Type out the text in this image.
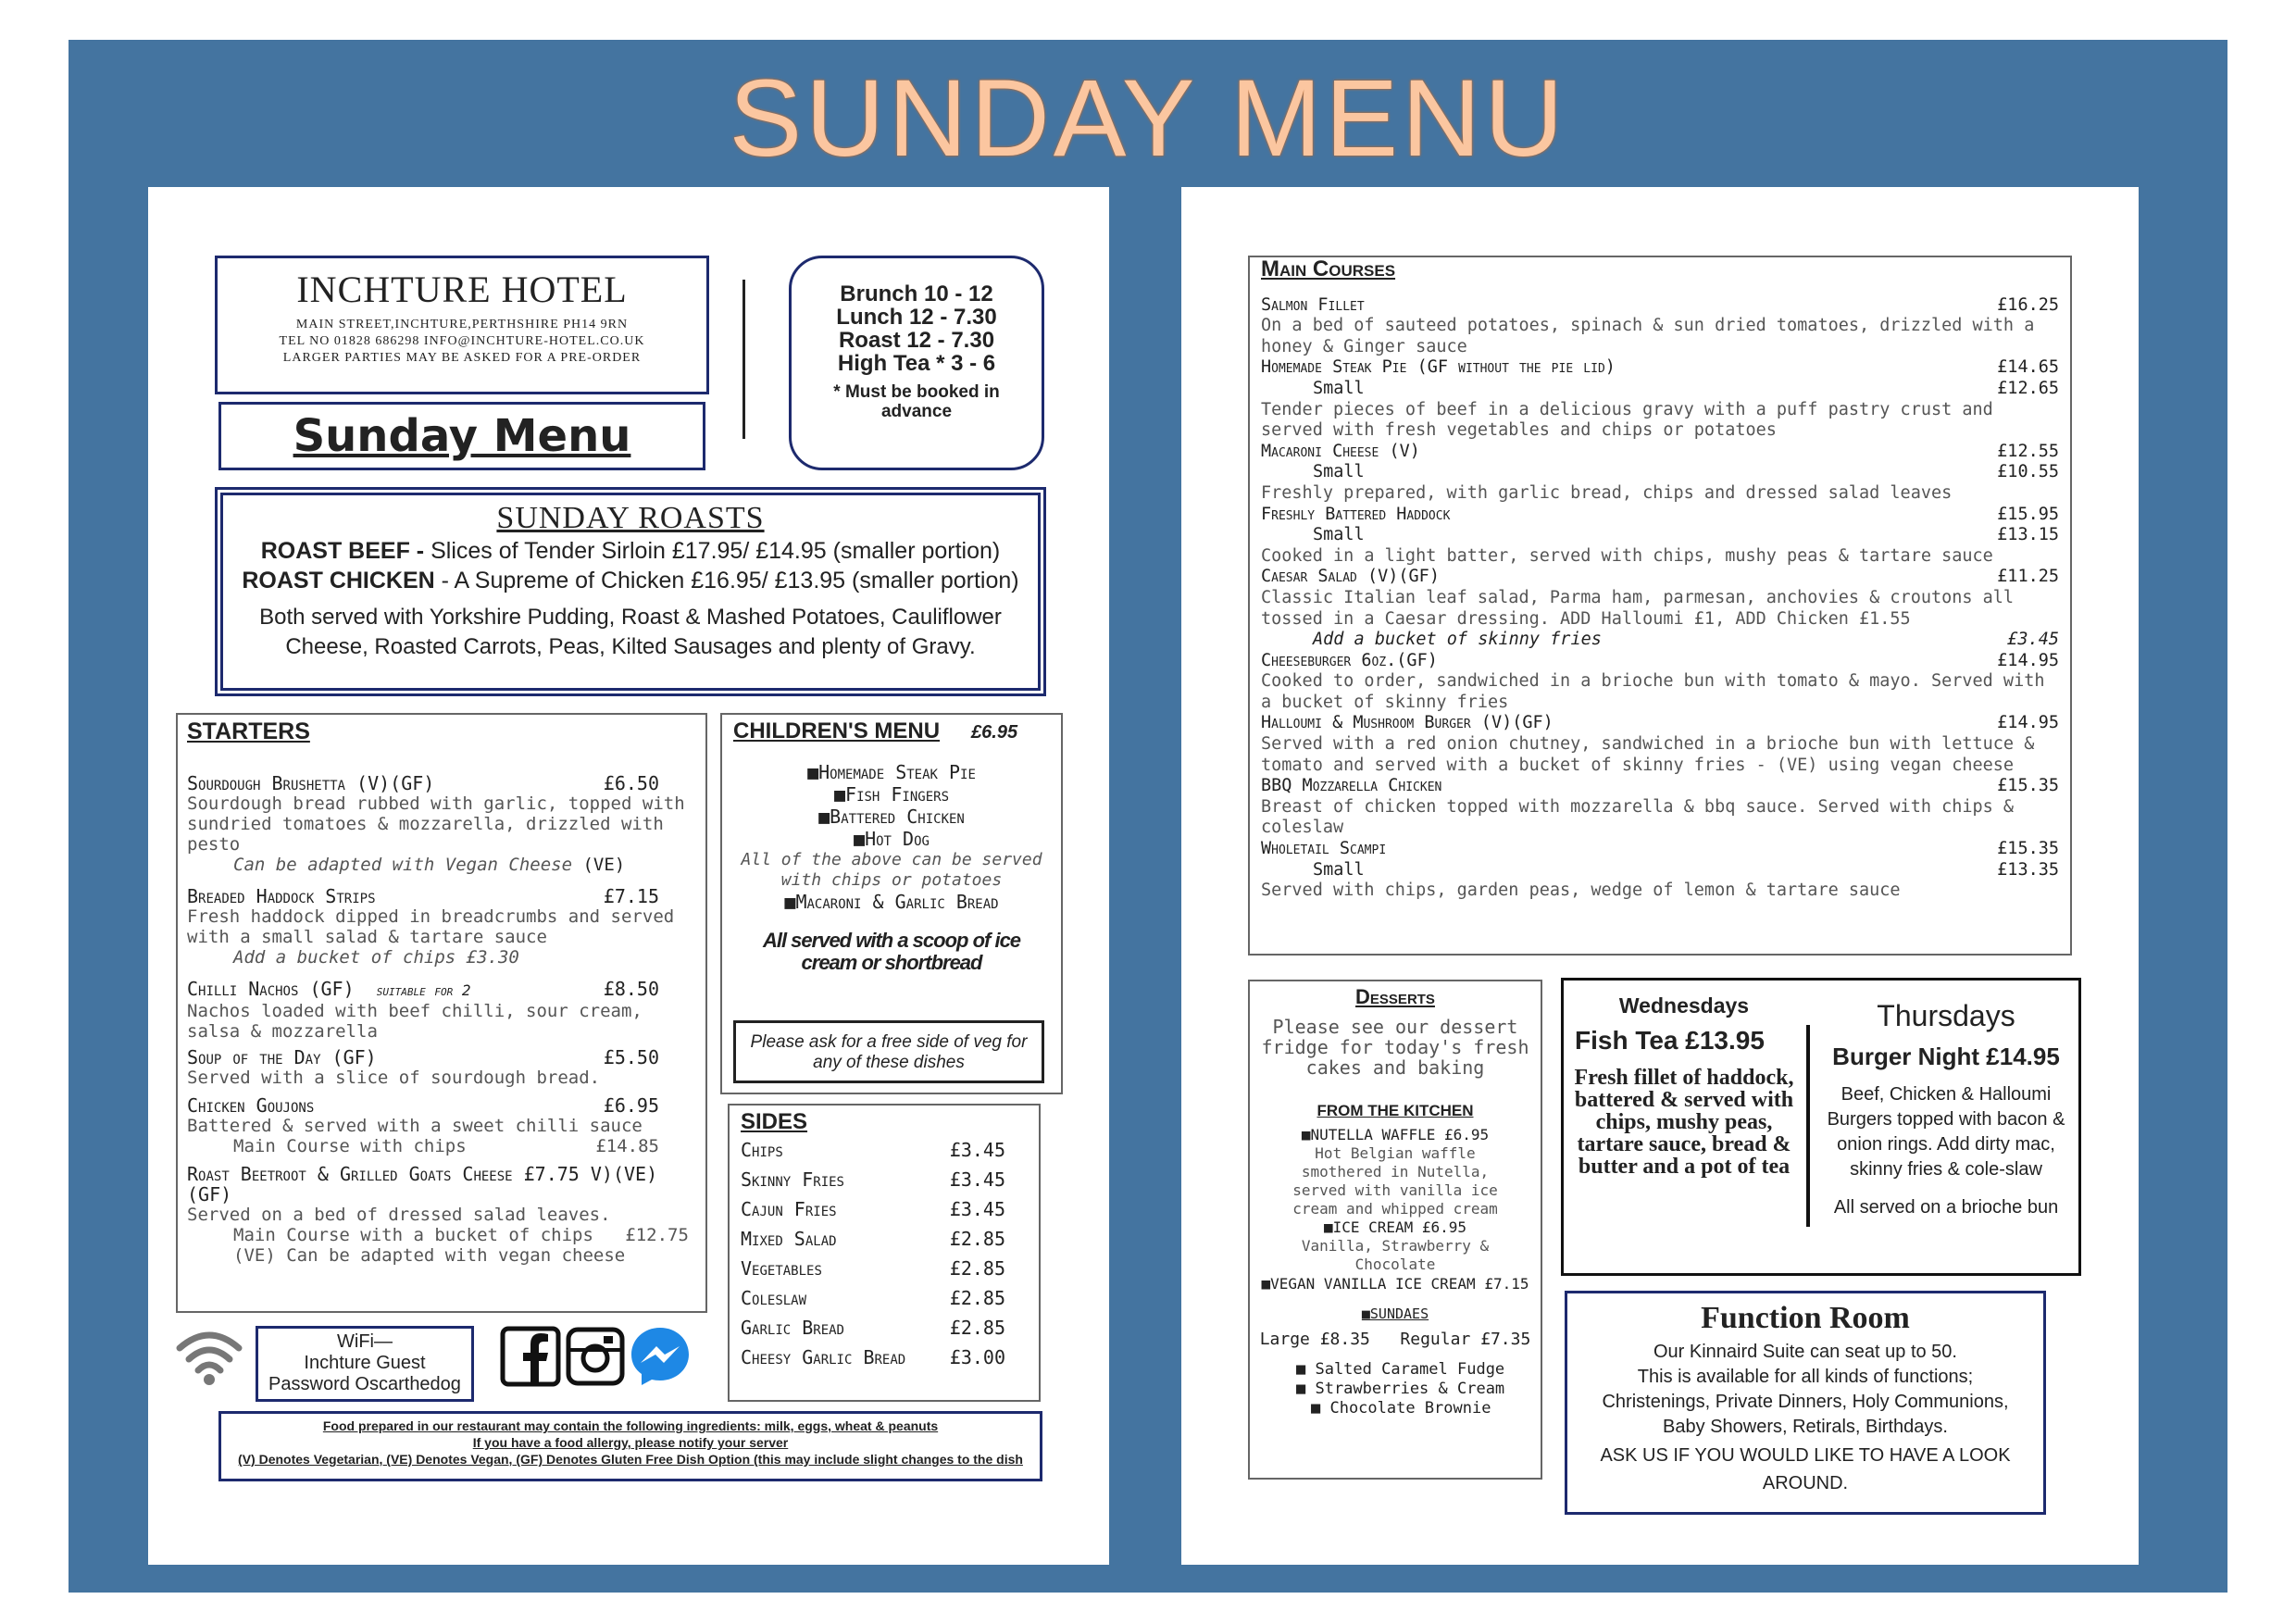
SUNDAY MENU
INCHTURE HOTEL
MAIN STREET,INCHTURE,PERTHSHIRE PH14 9RN
TEL NO 01828 686298 INFO@INCHTURE-HOTEL.CO.UK
LARGER PARTIES MAY BE ASKED FOR A PRE-ORDER
Sunday Menu
Brunch 10 - 12
Lunch 12 - 7.30
Roast 12 - 7.30
High Tea * 3 - 6
* Must be booked in advance
SUNDAY ROASTS
ROAST BEEF - Slices of Tender Sirloin £17.95/ £14.95 (smaller portion)
ROAST CHICKEN - A Supreme of Chicken £16.95/ £13.95 (smaller portion)
Both served with Yorkshire Pudding, Roast & Mashed Potatoes, Cauliflower Cheese, Roasted Carrots, Peas, Kilted Sausages and plenty of Gravy.
STARTERS
Sourdough Brushetta (V)(GF)	£6.50
Sourdough bread rubbed with garlic, topped with sundried tomatoes & mozzarella, drizzled with pesto
Can be adapted with Vegan Cheese (VE)
Breaded Haddock Strips	£7.15
Fresh haddock dipped in breadcrumbs and served with a small salad & tartare sauce
Add a bucket of chips £3.30
Chilli Nachos (GF) suitable for 2	£8.50
Nachos loaded with beef chilli, sour cream, salsa & mozzarella
Soup of the Day (GF)	£5.50
Served with a slice of sourdough bread.
Chicken Goujons	£6.95
Battered & served with a sweet chilli sauce
Main Course with chips	£14.85
Roast Beetroot & Grilled Goats Cheese £7.75 V)(VE)(GF)
Served on a bed of dressed salad leaves.
Main Course with a bucket of chips £12.75
(VE) Can be adapted with vegan cheese
CHILDREN'S MENU £6.95
■Homemade Steak Pie
■Fish Fingers
■Battered Chicken
■Hot Dog
All of the above can be served with chips or potatoes
■Macaroni & Garlic Bread
All served with a scoop of ice cream or shortbread
Please ask for a free side of veg for any of these dishes
SIDES
Chips	£3.45
Skinny Fries	£3.45
Cajun Fries	£3.45
Mixed Salad	£2.85
Vegetables	£2.85
Coleslaw	£2.85
Garlic Bread	£2.85
Cheesy Garlic Bread £3.00
WiFi—
Inchture Guest
Password Oscarthedog
Food prepared in our restaurant may contain the following ingredients: milk, eggs, wheat & peanuts
If you have a food allergy, please notify your server
(V) Denotes Vegetarian, (VE) Denotes Vegan, (GF) Denotes Gluten Free Dish Option (this may include slight changes to the dish
Main Courses
Salmon Fillet	£16.25
On a bed of sauteed potatoes, spinach & sun dried tomatoes, drizzled with a honey & Ginger sauce
Homemade Steak Pie (GF without the pie lid)	£14.65
Small	£12.65
Tender pieces of beef in a delicious gravy with a puff pastry crust and served with fresh vegetables and chips or potatoes
Macaroni Cheese (V)	£12.55
Small	£10.55
Freshly prepared, with garlic bread, chips and dressed salad leaves
Freshly Battered Haddock	£15.95
Small	£13.15
Cooked in a light batter, served with chips, mushy peas & tartare sauce
Caesar Salad (V)(GF)	£11.25
Classic Italian leaf salad, Parma ham, parmesan, anchovies & croutons all tossed in a Caesar dressing. ADD Halloumi £1, ADD Chicken £1.55
Add a bucket of skinny fries	£3.45
Cheeseburger 6oz.(GF)	£14.95
Cooked to order, sandwiched in a brioche bun with tomato & mayo. Served with a bucket of skinny fries
Halloumi & Mushroom Burger (V)(GF)	£14.95
Served with a red onion chutney, sandwiched in a brioche bun with lettuce & tomato and served with a bucket of skinny fries - (VE) using vegan cheese
BBQ Mozzarella Chicken	£15.35
Breast of chicken topped with mozzarella & bbq sauce. Served with chips & coleslaw
Wholetail Scampi	£15.35
Small	£13.35
Served with chips, garden peas, wedge of lemon & tartare sauce
Desserts
Please see our dessert fridge for today's fresh cakes and baking
FROM THE KITCHEN
■NUTELLA WAFFLE £6.95
Hot Belgian waffle smothered in Nutella, served with vanilla ice cream and whipped cream
■ICE CREAM £6.95
Vanilla, Strawberry & Chocolate
■VEGAN VANILLA ICE CREAM £7.15
■SUNDAES
Large £8.35 Regular £7.35
■ Salted Caramel Fudge
■ Strawberries & Cream
■ Chocolate Brownie
Wednesdays
Fish Tea £13.95
Fresh fillet of haddock, battered & served with chips, mushy peas, tartare sauce, bread & butter and a pot of tea
Thursdays
Burger Night £14.95
Beef, Chicken & Halloumi Burgers topped with bacon & onion rings. Add dirty mac, skinny fries & cole-slaw
All served on a brioche bun
Function Room
Our Kinnaird Suite can seat up to 50.
This is available for all kinds of functions;
Christenings, Private Dinners, Holy Communions,
Baby Showers, Retirals, Birthdays.
ASK US IF YOU WOULD LIKE TO HAVE A LOOK AROUND.
